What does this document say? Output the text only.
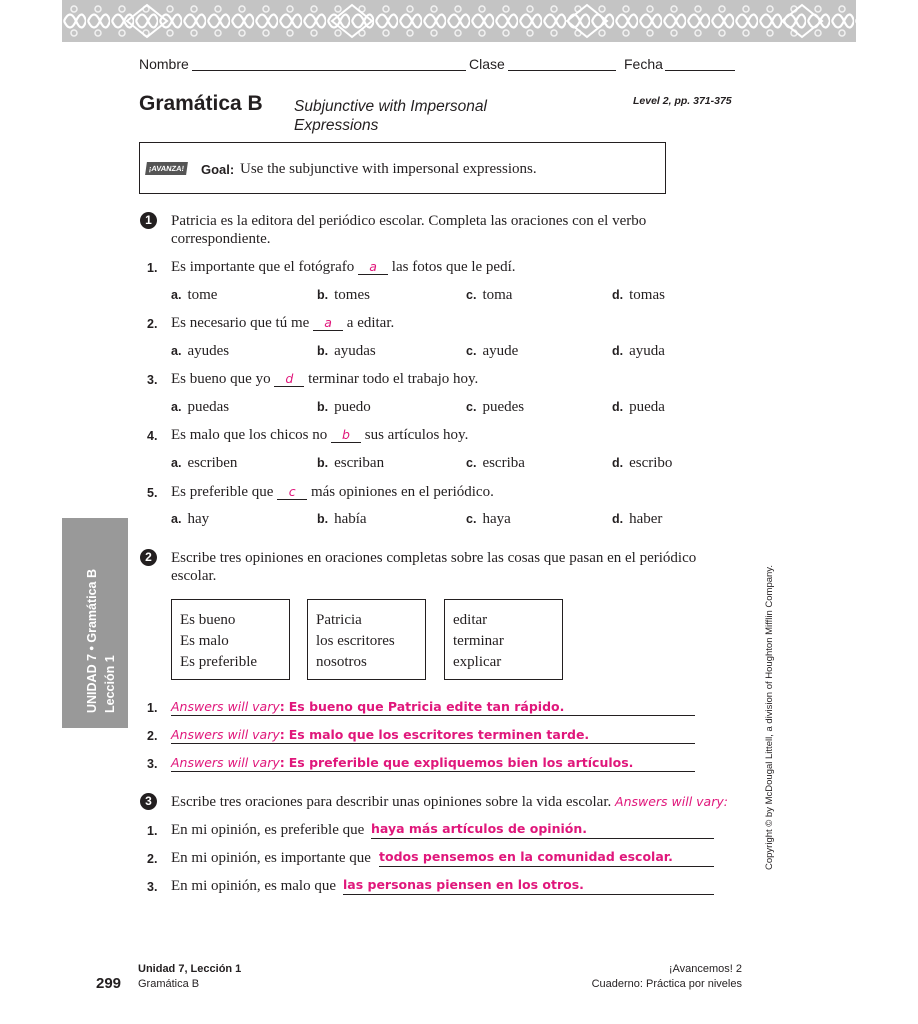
Nombre	Clase	Fecha
Gramática B Subjunctive with Impersonal
Expressions
Level 2, pp. 371-375
¡AVANZA! Goal: Use the subjunctive with impersonal expressions.
1	Patricia es la editora del periódico escolar. Completa las oraciones con el verbo
correspondiente.
1. Es importante que el fotógrafo a las fotos que le pedí.
a. tome	b. tomes	c. toma	d. tomas
2. Es necesario que tú me a a editar.
a. ayudes	b. ayudas	c. ayude	d. ayuda
3. Es bueno que yo d terminar todo el trabajo hoy.
a. puedas	b. puedo	c. puedes	d. pueda
4. Es malo que los chicos no b sus artículos hoy.
a. escriben	b. escriban	c. escriba	d. escribo
5. Es preferible que c más opiniones en el periódico.
a. hay	b. había	c. haya	d. haber
UNIDAD 7 • Gramática B Lección 1
2	Escribe tres opiniones en oraciones completas sobre las cosas que pasan en el periódico
escolar.
Es bueno
Es malo
Es preferible
Patricia
los escritores
nosotros
editar
terminar
explicar
1. Answers will vary: Es bueno que Patricia edite tan rápido.
2. Answers will vary: Es malo que los escritores terminen tarde.
3. Answers will vary: Es preferible que expliquemos bien los artículos.
3	Escribe tres oraciones para describir unas opiniones sobre la vida escolar. Answers will vary:
1. En mi opinión, es preferible que haya más artículos de opinión.
2. En mi opinión, es importante que todos pensemos en la comunidad escolar.
3. En mi opinión, es malo que las personas piensen en los otros.
Copyright © by McDougal Littell, a division of Houghton Mifflin Company.
299
Unidad 7, Lección 1
Gramática B
¡Avancemos! 2
Cuaderno: Práctica por niveles
